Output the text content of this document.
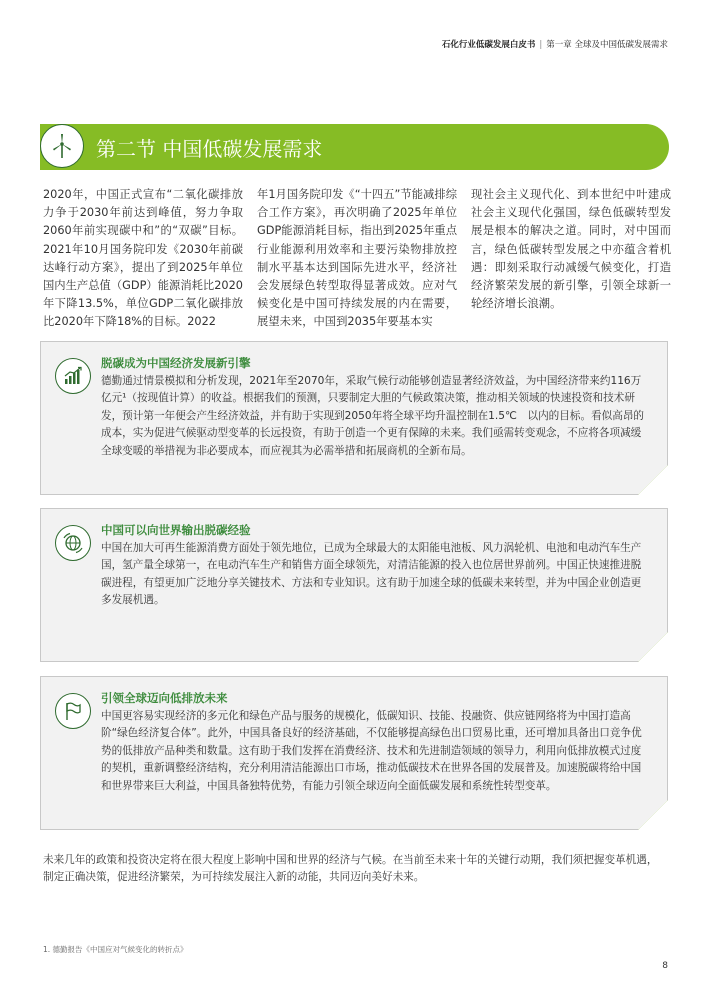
石化行业低碳发展白皮书 | 第一章 全球及中国低碳发展需求
第二节 中国低碳发展需求
2020年，中国正式宣布“二氧化碳排放力争于2030年前达到峰值，努力争取2060年前实现碳中和”的“双碳”目标。2021年10月国务院印发《2030年前碳达峰行动方案》，提出了到2025年单位国内生产总值（GDP）能源消耗比2020年下降13.5%，单位GDP二氧化碳排放比2020年下降18%的目标。2022
年1月国务院印发《“十四五”节能减排综合工作方案》，再次明确了2025年单位GDP能源消耗目标，指出到2025年重点行业能源利用效率和主要污染物排放控制水平基本达到国际先进水平，经济社会发展绿色转型取得显著成效。应对气候变化是中国可持续发展的内在需要，展望未来，中国到2035年要基本实
现社会主义现代化、到本世纪中叶建成社会主义现代化强国，绿色低碳转型发展是根本的解决之道。同时，对中国而言，绿色低碳转型发展之中亦蕴含着机遇：即刻采取行动减缓气候变化，打造经济繁荣发展的新引擎，引领全球新一轮经济增长浪潮。
脱碳成为中国经济发展新引擎
德勤通过情景模拟和分析发现，2021年至2070年，采取气候行动能够创造显著经济效益，为中国经济带来约116万亿元¹（按现值计算）的收益。根据我们的预测，只要制定大胆的气候政策决策，推动相关领域的快速投资和技术研发，预计第一年便会产生经济效益，并有助于实现到2050年将全球平均升温控制在1.5℃　以内的目标。看似高昂的成本，实为促进气候驱动型变革的长远投资，有助于创造一个更有保障的未来。我们亟需转变观念，不应将各项减缓全球变暖的举措视为非必要成本，而应视其为必需举措和拓展商机的全新布局。
中国可以向世界输出脱碳经验
中国在加大可再生能源消费方面处于领先地位，已成为全球最大的太阳能电池板、风力涡轮机、电池和电动汽车生产国，氢产量全球第一，在电动汽车生产和销售方面全球领先，对清洁能源的投入也位居世界前列。中国正快速推进脱碳进程，有望更加广泛地分享关键技术、方法和专业知识。这有助于加速全球的低碳未来转型，并为中国企业创造更多发展机遇。
引领全球迈向低排放未来
中国更容易实现经济的多元化和绿色产品与服务的规模化，低碳知识、技能、投融资、供应链网络将为中国打造高阶“绿色经济复合体”。此外，中国具备良好的经济基础，不仅能够提高绿色出口贸易比重，还可增加具备出口竞争优势的低排放产品种类和数量。这有助于我们发挥在消费经济、技术和先进制造领域的领导力，利用向低排放模式过度的契机，重新调整经济结构，充分利用清洁能源出口市场，推动低碳技术在世界各国的发展普及。加速脱碳将给中国和世界带来巨大利益，中国具备独特优势，有能力引领全球迈向全面低碳发展和系统性转型变革。
未来几年的政策和投资决定将在很大程度上影响中国和世界的经济与气候。在当前至未来十年的关键行动期，我们须把握变革机遇，制定正确决策，促进经济繁荣，为可持续发展注入新的动能，共同迈向美好未来。
1. 德勤报告《中国应对气候变化的转折点》
8
